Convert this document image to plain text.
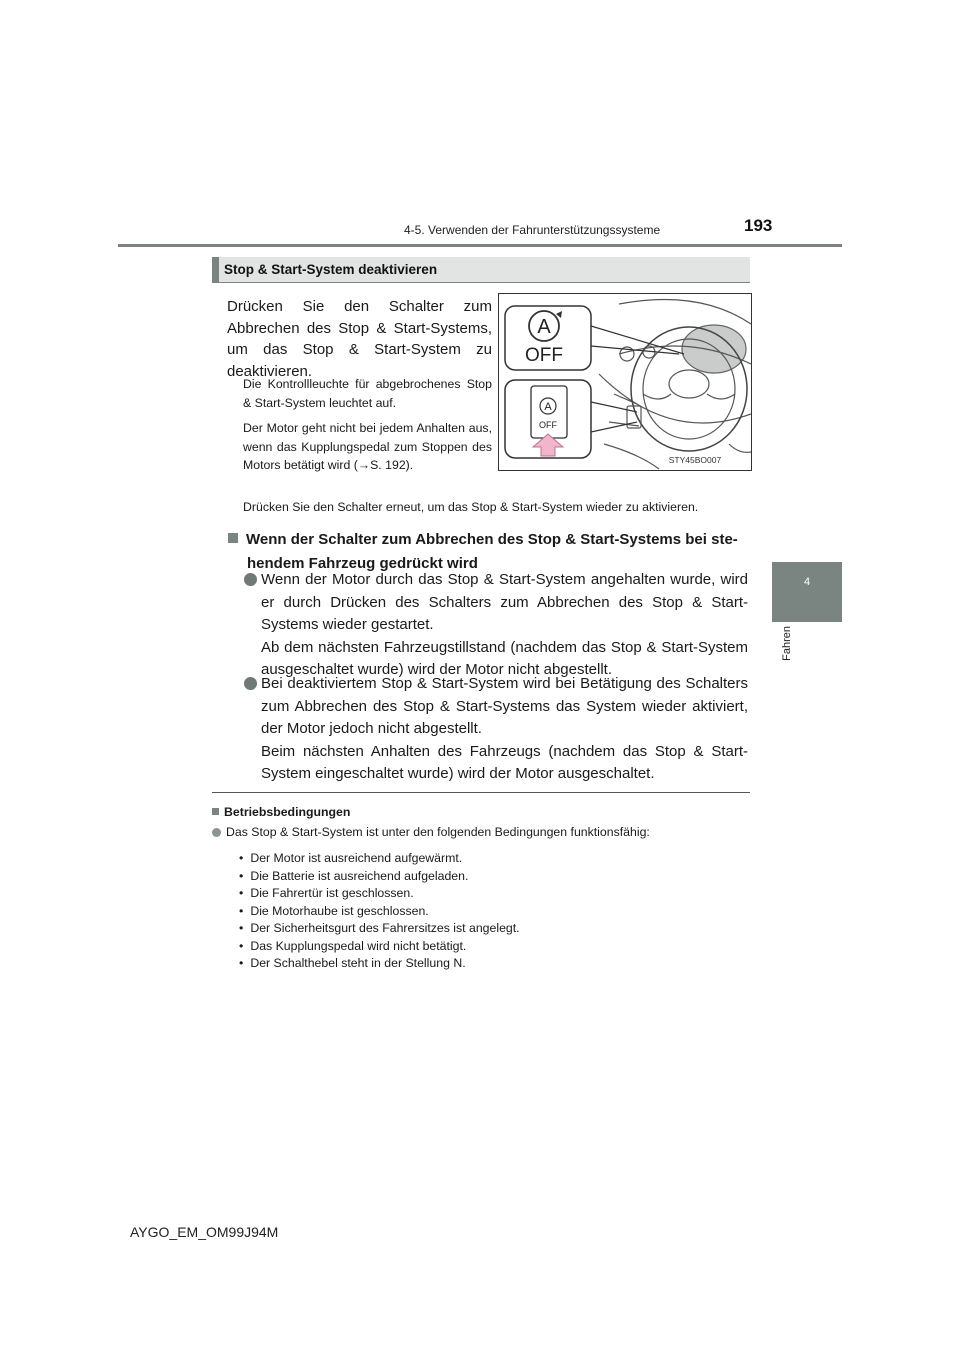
4-5. Verwenden der Fahrunterstützungssysteme	193
4
Fahren
Stop & Start-System deaktivieren
Drücken Sie den Schalter zum Abbrechen des Stop & Start-Systems, um das Stop & Start-System zu deaktivieren.
Die Kontrollleuchte für abgebrochenes Stop & Start-System leuchtet auf.
Der Motor geht nicht bei jedem Anhalten aus, wenn das Kupplungspedal zum Stoppen des Motors betätigt wird (→S. 192).
Drücken Sie den Schalter erneut, um das Stop & Start-System wieder zu aktivieren.
A
OFF
A
OFF
STY45BO007
Wenn der Schalter zum Abbrechen des Stop & Start-Systems bei ste-
hendem Fahrzeug gedrückt wird
Wenn der Motor durch das Stop & Start-System angehalten wurde, wird er durch Drücken des Schalters zum Abbrechen des Stop & Start-Systems wieder gestartet.
Ab dem nächsten Fahrzeugstillstand (nachdem das Stop & Start-System ausgeschaltet wurde) wird der Motor nicht abgestellt.
Bei deaktiviertem Stop & Start-System wird bei Betätigung des Schalters zum Abbrechen des Stop & Start-Systems das System wieder aktiviert, der Motor jedoch nicht abgestellt.
Beim nächsten Anhalten des Fahrzeugs (nachdem das Stop & Start-System eingeschaltet wurde) wird der Motor ausgeschaltet.
Betriebsbedingungen
Das Stop & Start-System ist unter den folgenden Bedingungen funktionsfähig:
• Der Motor ist ausreichend aufgewärmt.
• Die Batterie ist ausreichend aufgeladen.
• Die Fahrertür ist geschlossen.
• Die Motorhaube ist geschlossen.
• Der Sicherheitsgurt des Fahrersitzes ist angelegt.
• Das Kupplungspedal wird nicht betätigt.
• Der Schalthebel steht in der Stellung N.
AYGO_EM_OM99J94M
